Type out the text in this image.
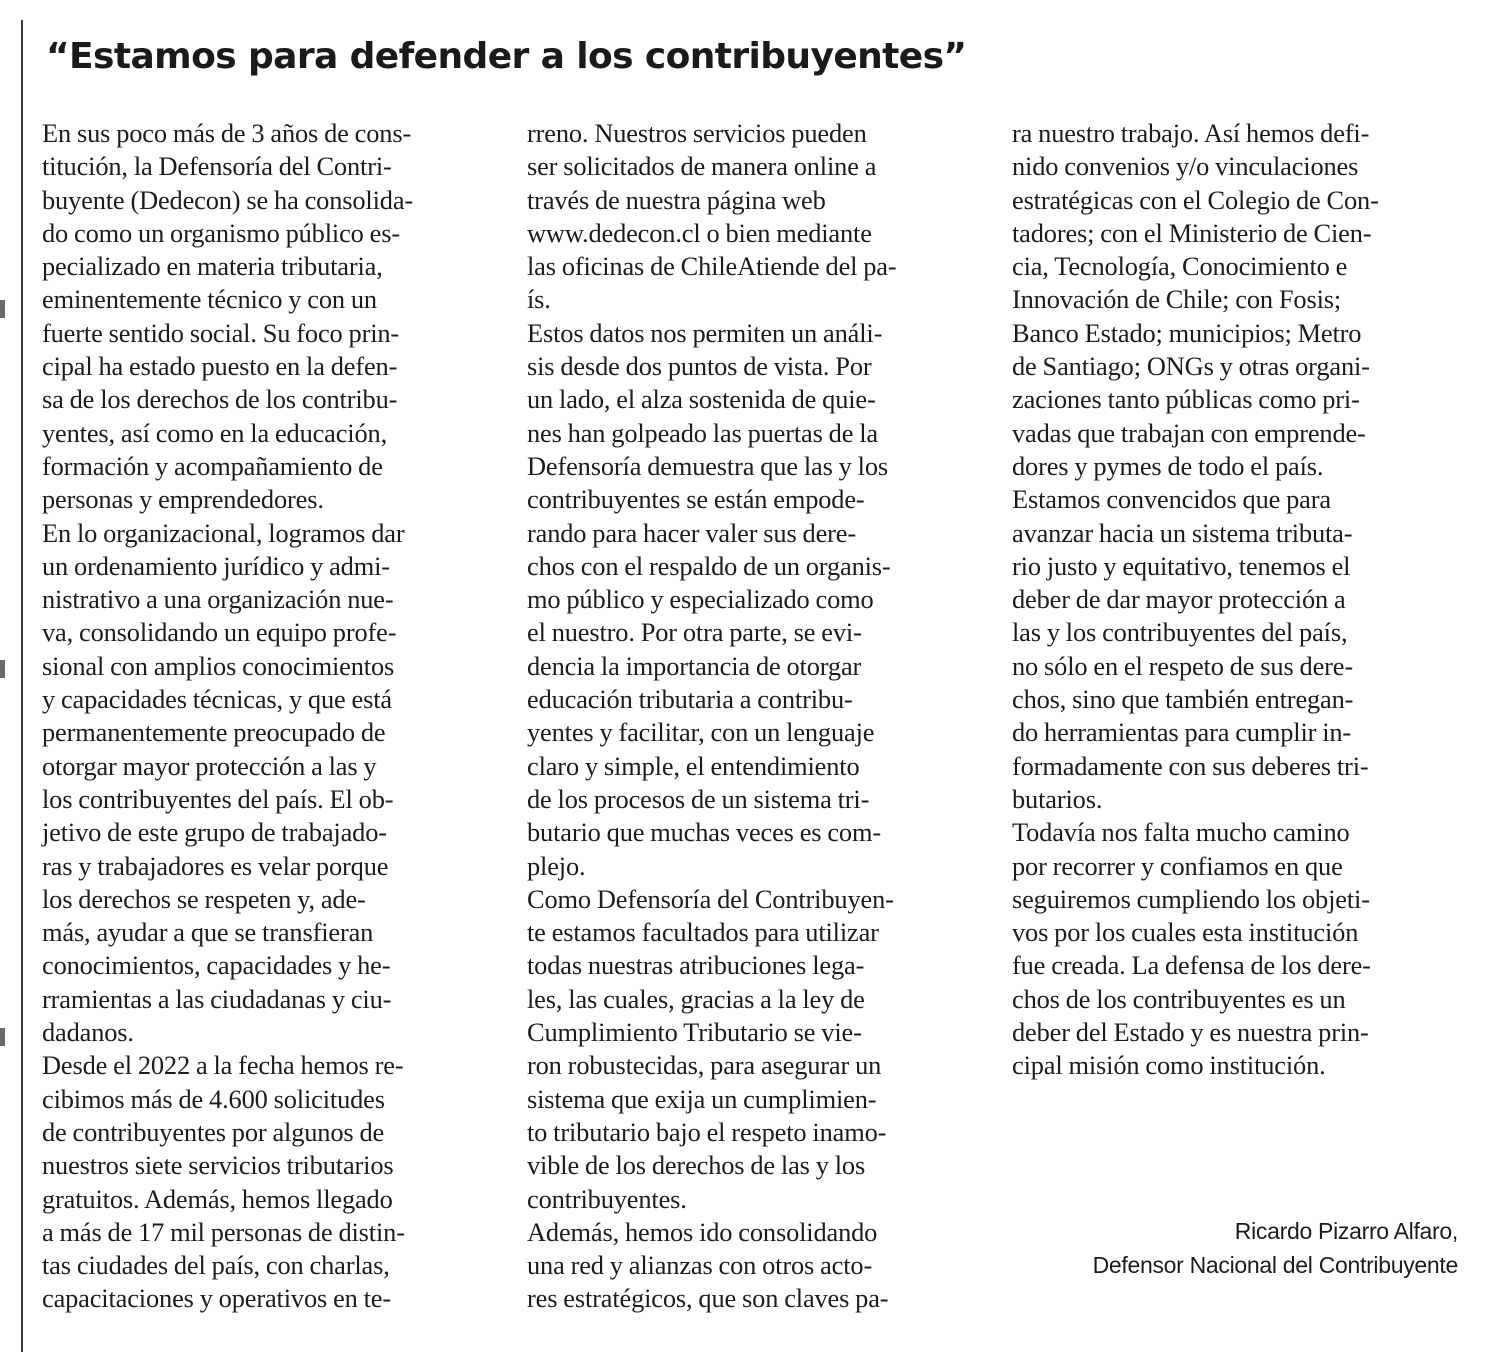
“Estamos para defender a los contribuyentes”

En sus poco más de 3 años de cons-
titución, la Defensoría del Contri-
buyente (Dedecon) se ha consolida-
do como un organismo público es-
pecializado en materia tributaria,
eminentemente técnico y con un
fuerte sentido social. Su foco prin-
cipal ha estado puesto en la defen-
sa de los derechos de los contribu-
yentes, así como en la educación,
formación y acompañamiento de
personas y emprendedores.

En lo organizacional, logramos dar
un ordenamiento jurídico y admi-
nistrativo a una organización nue-
va, consolidando un equipo profe-
sional con amplios conocimientos
y capacidades técnicas, y que está
permanentemente preocupado de
otorgar mayor protección a las y
los contribuyentes del país. El ob-
jetivo de este grupo de trabajado-
ras y trabajadores es velar porque
los derechos se respeten y, ade-
más, ayudar a que se transfieran
conocimientos, capacidades y he-
rramientas a las ciudadanas y ciu-
dadanos.

Desde el 2022 a la fecha hemos re-
cibimos más de 4.600 solicitudes
de contribuyentes por algunos de
nuestros siete servicios tributarios
gratuitos. Además, hemos llegado
a más de 17 mil personas de distin-
tas ciudades del país, con charlas,
capacitaciones y operativos en te-

rreno. Nuestros servicios pueden
ser solicitados de manera online a
través de nuestra página web
www.dedecon.cl o bien mediante
las oficinas de ChileAtiende del pa-
ís.

Estos datos nos permiten un análi-
sis desde dos puntos de vista. Por
un lado, el alza sostenida de quie-
nes han golpeado las puertas de la
Defensoría demuestra que las y los
contribuyentes se están empode-
rando para hacer valer sus dere-
chos con el respaldo de un organis-
mo público y especializado como
el nuestro. Por otra parte, se evi-
dencia la importancia de otorgar
educación tributaria a contribu-
yentes y facilitar, con un lenguaje
claro y simple, el entendimiento
de los procesos de un sistema tri-
butario que muchas veces es com-
plejo.

Como Defensoría del Contribuyen-
te estamos facultados para utilizar
todas nuestras atribuciones lega-
les, las cuales, gracias a la ley de
Cumplimiento Tributario se vie-
ron robustecidas, para asegurar un
sistema que exija un cumplimien-
to tributario bajo el respeto inamo-
vible de los derechos de las y los
contribuyentes.

Además, hemos ido consolidando
una red y alianzas con otros acto-
res estratégicos, que son claves pa-

ra nuestro trabajo. Así hemos defi-
nido convenios y/o vinculaciones
estratégicas con el Colegio de Con-
tadores; con el Ministerio de Cien-
cia, Tecnología, Conocimiento e
Innovación de Chile; con Fosis;
Banco Estado; municipios; Metro
de Santiago; ONGs y otras organi-
zaciones tanto públicas como pri-
vadas que trabajan con emprende-
dores y pymes de todo el país.

Estamos convencidos que para
avanzar hacia un sistema tributa-
rio justo y equitativo, tenemos el
deber de dar mayor protección a
las y los contribuyentes del país,
no sólo en el respeto de sus dere-
chos, sino que también entregan-
do herramientas para cumplir in-
formadamente con sus deberes tri-
butarios.

Todavía nos falta mucho camino
por recorrer y confiamos en que
seguiremos cumpliendo los objeti-
vos por los cuales esta institución
fue creada. La defensa de los dere-
chos de los contribuyentes es un
deber del Estado y es nuestra prin-
cipal misión como institución.

Ricardo Pizarro Alfaro,
Defensor Nacional del Contribuyente
